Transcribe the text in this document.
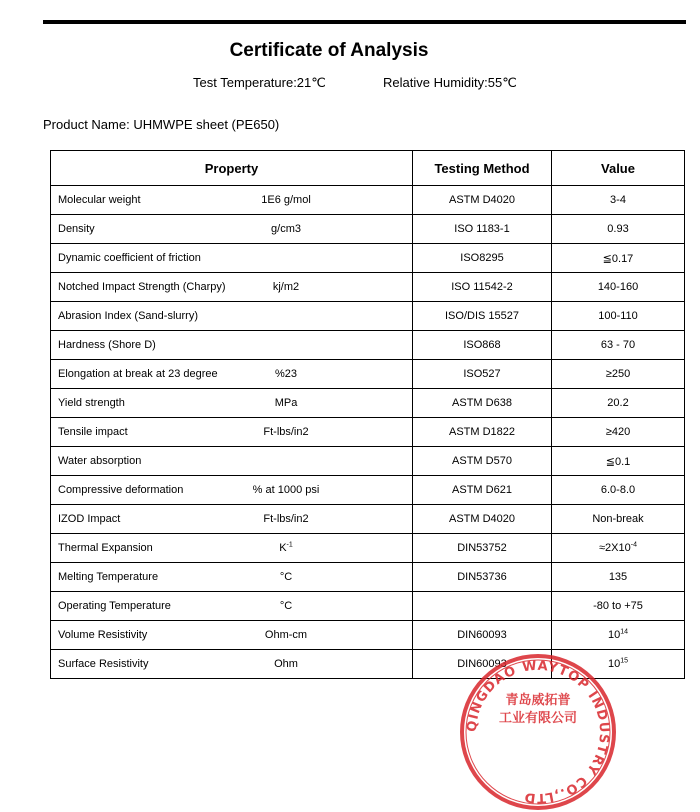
Certificate of Analysis
Test Temperature:21℃	Relative Humidity:55℃
Product Name: UHMWPE sheet (PE650)
Property	Testing Method	Value

Molecular weight 1E6 g/mol	ASTM D4020	3-4

Density g/cm3	ISO 1183-1	0.93

Dynamic coefficient of friction	ISO8295	≦0.17

Notched Impact Strength (Charpy) kj/m2	ISO 11542-2	140-160

Abrasion Index (Sand-slurry)	ISO/DIS 15527	100-110

Hardness (Shore D)	ISO868	63 - 70

Elongation at break at 23 degree %23	ISO527	≥250

Yield strength MPa	ASTM D638	20.2

Tensile impact Ft-lbs/in2	ASTM D1822	≥420

Water absorption	ASTM D570	≦0.1

Compressive deformation % at 1000 psi	ASTM D621	6.0-8.0

IZOD Impact Ft-lbs/in2	ASTM D4020	Non-break

Thermal Expansion $K^{-1}$	DIN53752	$\approx 2X10^{-4}$

Melting Temperature °C	DIN53736	135

Operating Temperature °C		-80 to +75

Volume Resistivity Ohm-cm	DIN60093	$10^{14}$

Surface Resistivity Ohm	DIN60093	$10^{15}$
QINGDAO WAYTOP INDUSTRY CO.,LTD
青岛威拓普
工业有限公司
